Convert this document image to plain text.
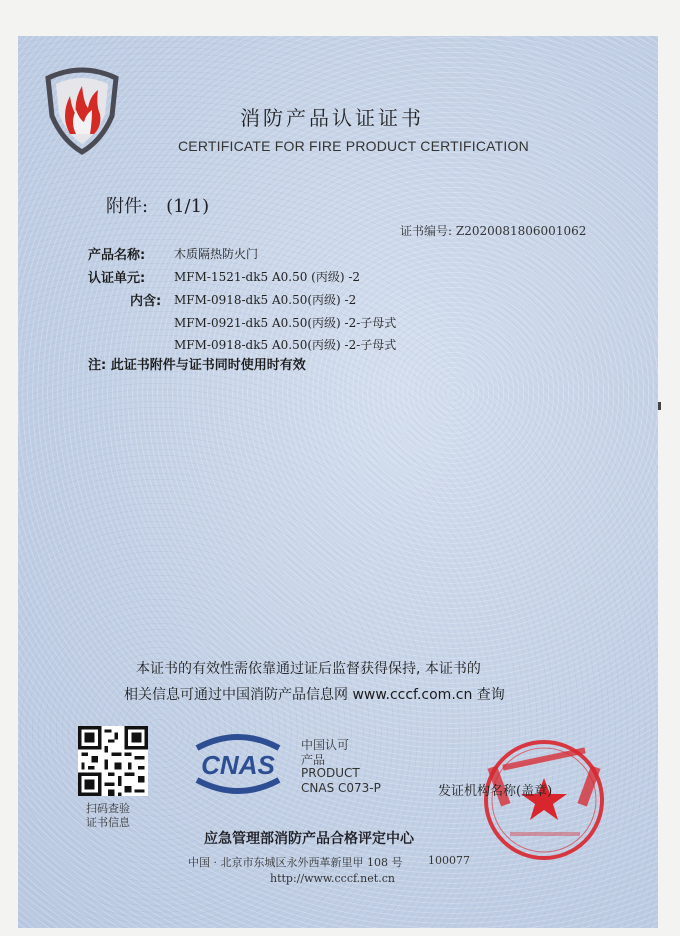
消防产品认证证书
CERTIFICATE FOR FIRE PRODUCT CERTIFICATION
附件: (1/1)
证书编号: Z2020081806001062
产品名称: 木质隔热防火门
认证单元: MFM-1521-dk5 A0.50 (丙级) -2
内含: MFM-0918-dk5 A0.50(丙级) -2
MFM-0921-dk5 A0.50(丙级) -2-子母式
MFM-0918-dk5 A0.50(丙级) -2-子母式
注: 此证书附件与证书同时使用时有效
本证书的有效性需依靠通过证后监督获得保持, 本证书的
相关信息可通过中国消防产品信息网 www.cccf.com.cn 查询
扫码查验
证书信息
CNAS
中国认可
产品
PRODUCT
CNAS C073-P	发证机构名称(盖章)
应急管理部消防产品合格评定中心
中国 · 北京市东城区永外西革新里甲 108 号 100077
http://www.cccf.net.cn
